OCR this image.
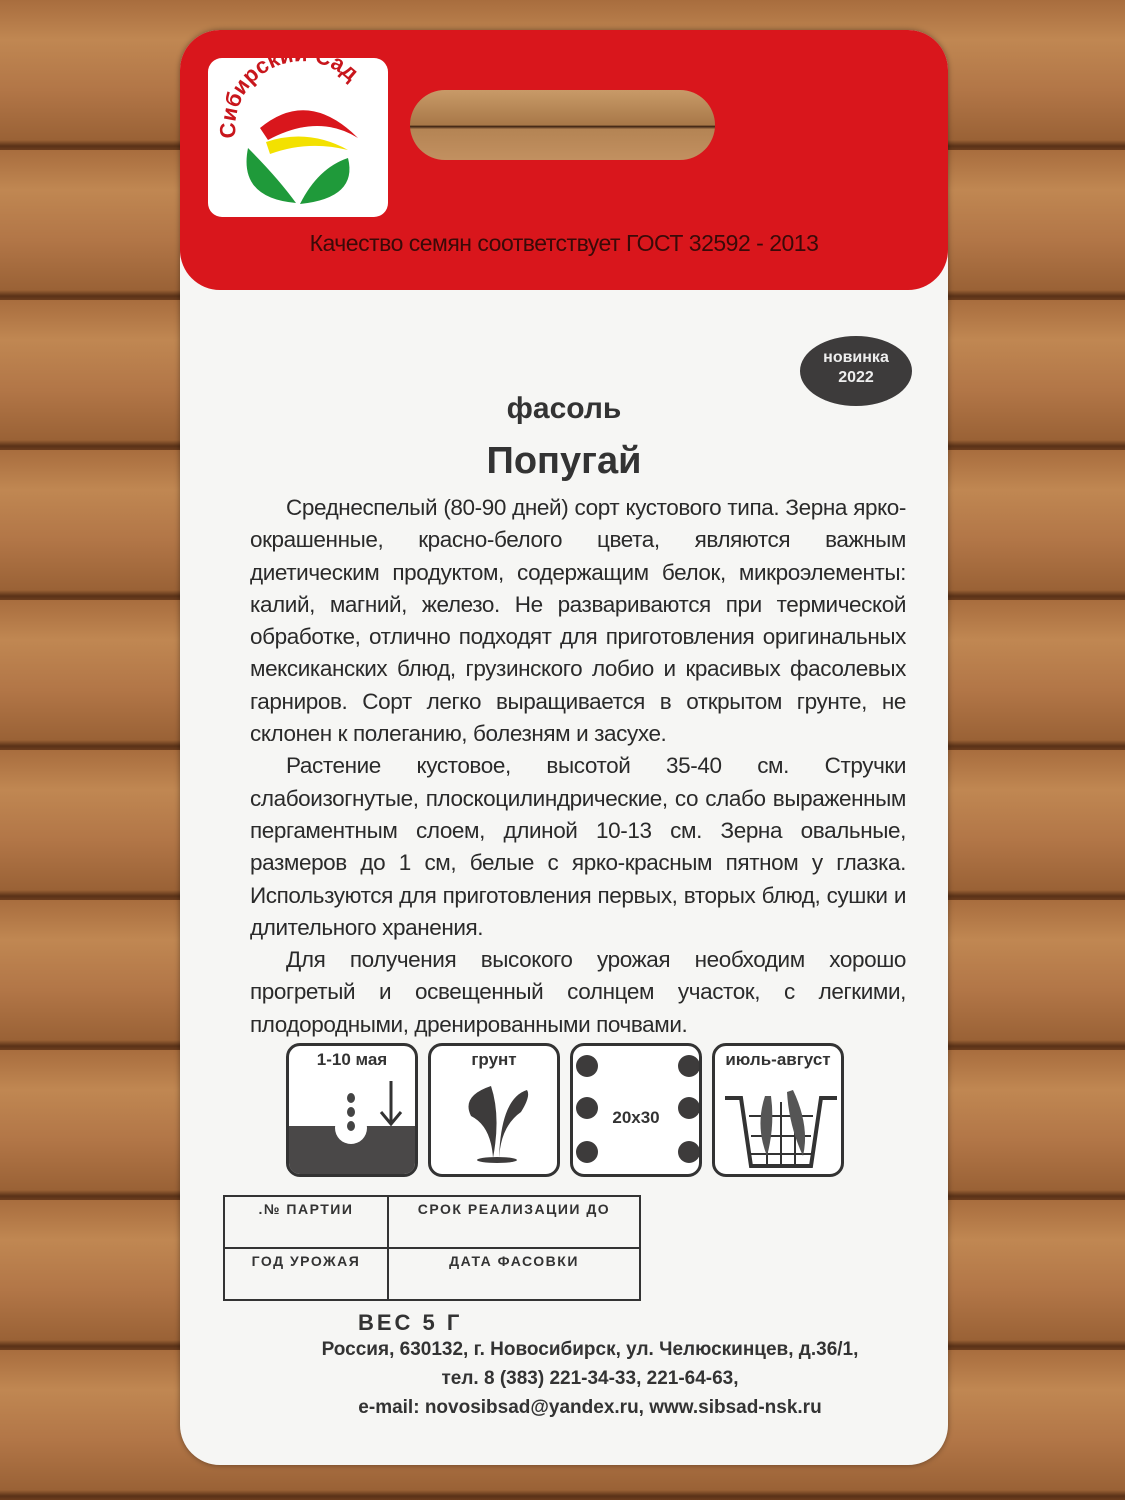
Сибирск ад
Качество семян соответствует ГОСТ 32592 - 2013
новинка
2022
фасоль
Попугай

Среднеспелый (80-90 дней) сорт кустового типа. Зерна ярко-окрашенные, красно-белого цвета, являются важным диетическим продуктом, содержащим белок, микроэлементы: калий, магний, железо. Не развариваются при термической обработке, отлично подходят для приготовления оригинальных мексиканских блюд, грузинского лобио и красивых фасолевых гарниров. Сорт легко выращивается в открытом грунте, не склонен к полеганию, болезням и засухе.

Растение кустовое, высотой 35-40 см. Стручки слабоизогнутые, плоскоцилиндрические, со слабо выраженным пергаментным слоем, длиной 10-13 см. Зерна овальные, размеров до 1 см, белые с ярко-красным пятном у глазка. Используются для приготовления первых, вторых блюд, сушки и длительного хранения.

Для получения высокого урожая необходим хорошо прогретый и освещенный солнцем участок, с легкими, плодородными, дренированными почвами.

1-10 мая	грунт
20x30
июль-август
.№ ПАРТИИ	СРОК РЕАЛИЗАЦИИ ДО
ГОД УРОЖАЯ	ДАТА ФАСОВКИ
ВЕС 5 Г
Россия, 630132, г. Новосибирск, ул. Челюскинцев, д.36/1,
тел. 8 (383) 221-34-33, 221-64-63,
e-mail: novosibsad@yandex.ru, www.sibsad-nsk.ru
